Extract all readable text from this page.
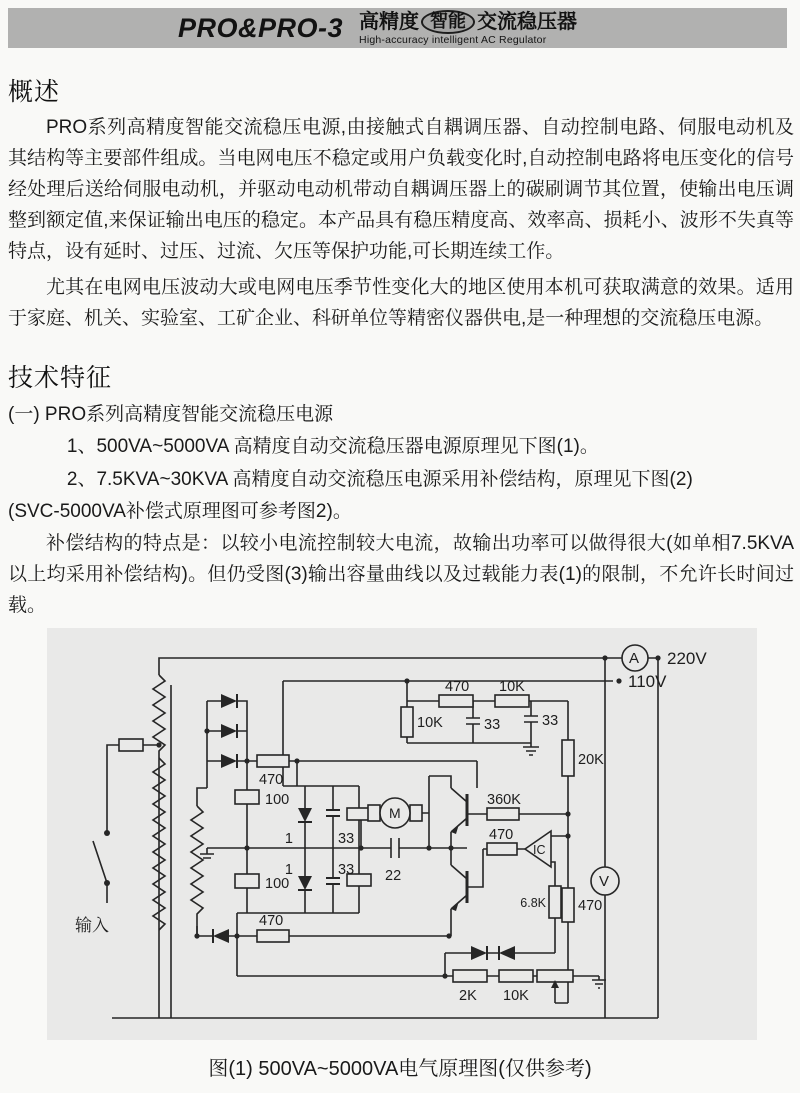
PRO&PRO-3 高精度 智能 交流稳压器
High-accuracy intelligent AC Regulator
概述
PRO系列高精度智能交流稳压电源,由接触式自耦调压器、自动控制电路、伺服电动机及其结构等主要部件组成。当电网电压不稳定或用户负载变化时,自动控制电路将电压变化的信号经处理后送给伺服电动机，并驱动电动机带动自耦调压器上的碳刷调节其位置，使输出电压调整到额定值,来保证输出电压的稳定。本产品具有稳压精度高、效率高、损耗小、波形不失真等特点，设有延时、过压、过流、欠压等保护功能,可长期连续工作。
尤其在电网电压波动大或电网电压季节性变化大的地区使用本机可获取满意的效果。适用于家庭、机关、实验室、工矿企业、科研单位等精密仪器供电,是一种理想的交流稳压电源。
技术特征
(一) PRO系列高精度智能交流稳压电源
1、500VA~5000VA 高精度自动交流稳压器电源原理见下图(1)。
2、7.5KVA~30KVA 高精度自动交流稳压电源采用补偿结构，原理见下图(2)
(SVC-5000VA补偿式原理图可参考图2)。
补偿结构的特点是：以较小电流控制较大电流，故输出功率可以做得很大(如单相7.5KVA以上均采用补偿结构)。但仍受图(3)输出容量曲线以及过载能力表(1)的限制，不允许长时间过载。
A 220V
110V
V
输入
470 10K
10K	33	33
20K
470
100
100
1	33
1	33 22
M
360K
470
IC
6.8K 470
470
2K 10K
图(1) 500VA~5000VA电气原理图(仅供参考)
